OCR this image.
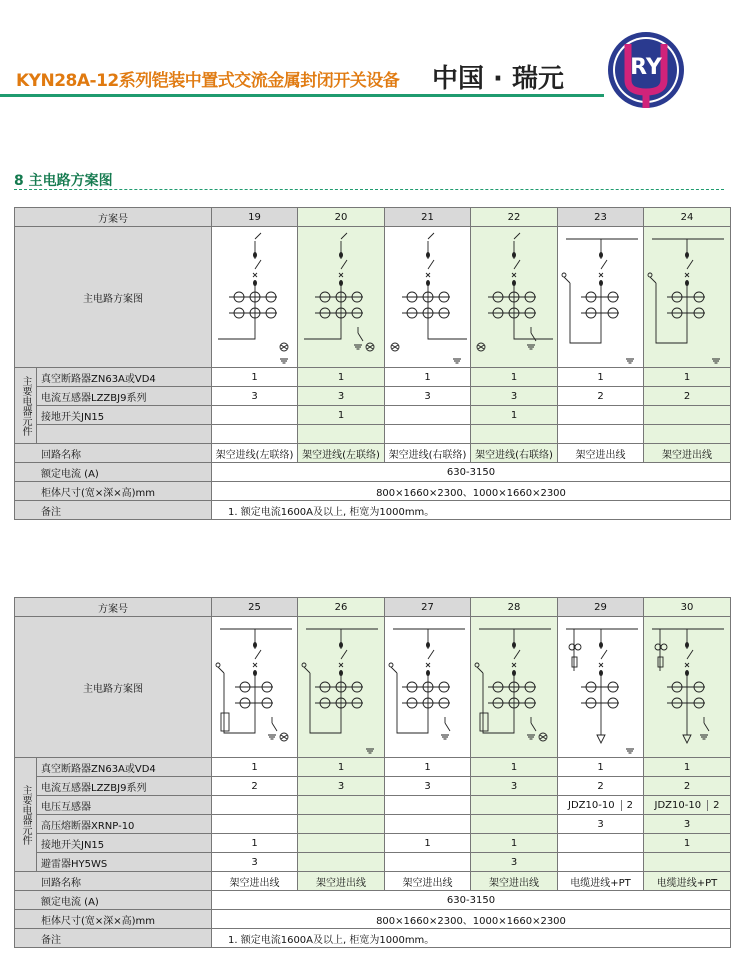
KYN28A-12系列铠装中置式交流金属封闭开关设备 中国 · 瑞元	RY
8 主电路方案图
方案号		19	20	21	22	23	24
主电路方案图	

主要电器元件	真空断路器ZN63A或VD4	1	1	1	1	1	1
	电流互感器LZZBJ9系列	3	3	3	3	2	2
	接地开关JN15		1		1		

回路名称		架空进线(左联络)	架空进线(左联络)	架空进线(右联络)	架空进线(右联络)	架空进出线	架空进出线
额定电流 (A)		630-3150					
柜体尺寸(宽×深×高)mm		800×1660×2300、1000×1660×2300					
备注		1. 额定电流1600A及以上, 柜宽为1000mm。					
方案号		25	26	27	28	29	30
主电路方案图	

主要电器元件	真空断路器ZN63A或VD4	1	1	1	1	1	1
	电流互感器LZZBJ9系列	2	3	3	3	2	2
	电压互感器					JDZ10-10 2	JDZ10-10 2

	高压熔断器XRNP-10					3	3
	接地开关JN15	1		1	1		1
	避雷器HY5WS	3			3		
回路名称		架空进出线	架空进出线	架空进出线	架空进出线	电缆进线+PT	电缆进线+PT
额定电流 (A)		630-3150					
柜体尺寸(宽×深×高)mm		800×1660×2300、1000×1660×2300					
备注		1. 额定电流1600A及以上, 柜宽为1000mm。					
